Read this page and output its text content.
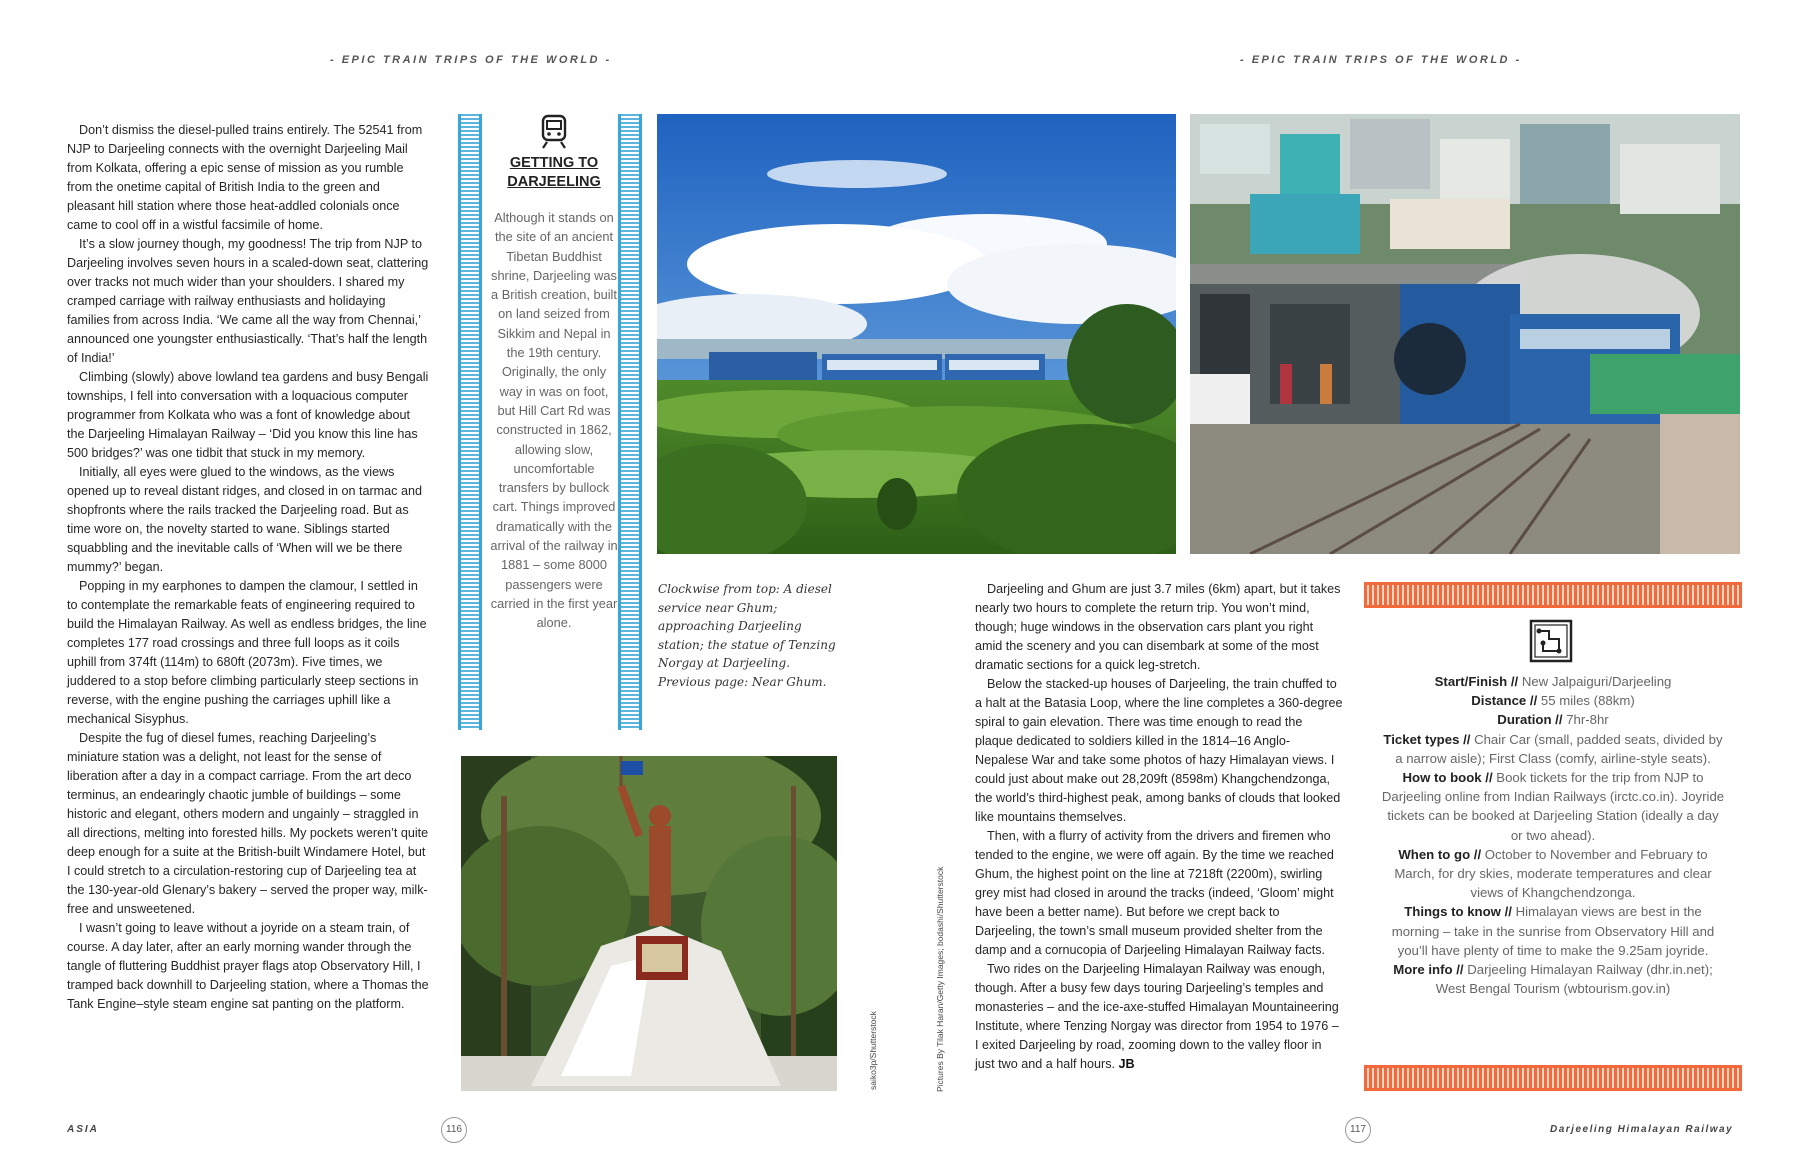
- EPIC TRAIN TRIPS OF THE WORLD -	- EPIC TRAIN TRIPS OF THE WORLD -

Don’t dismiss the diesel-pulled trains entirely. The 52541 from NJP to Darjeeling connects with the overnight Darjeeling Mail from Kolkata, offering a epic sense of mission as you rumble from the onetime capital of British India to the green and pleasant hill station where those heat-addled colonials once came to cool off in a wistful facsimile of home.

It’s a slow journey though, my goodness! The trip from NJP to Darjeeling involves seven hours in a scaled-down seat, clattering over tracks not much wider than your shoulders. I shared my cramped carriage with railway enthusiasts and holidaying families from across India. ‘We came all the way from Chennai,’ announced one youngster enthusiastically. ‘That’s half the length of India!’

Climbing (slowly) above lowland tea gardens and busy Bengali townships, I fell into conversation with a loquacious computer programmer from Kolkata who was a font of knowledge about the Darjeeling Himalayan Railway – ‘Did you know this line has 500 bridges?’ was one tidbit that stuck in my memory.

Initially, all eyes were glued to the windows, as the views opened up to reveal distant ridges, and closed in on tarmac and shopfronts where the rails tracked the Darjeeling road. But as time wore on, the novelty started to wane. Siblings started squabbling and the inevitable calls of ‘When will we be there mummy?’ began.

Popping in my earphones to dampen the clamour, I settled in to contemplate the remarkable feats of engineering required to build the Himalayan Railway. As well as endless bridges, the line completes 177 road crossings and three full loops as it coils uphill from 374ft (114m) to 680ft (2073m). Five times, we juddered to a stop before climbing particularly steep sections in reverse, with the engine pushing the carriages uphill like a mechanical Sisyphus.

Despite the fug of diesel fumes, reaching Darjeeling’s miniature station was a delight, not least for the sense of liberation after a day in a compact carriage. From the art deco terminus, an endearingly chaotic jumble of buildings – some historic and elegant, others modern and ungainly – straggled in all directions, melting into forested hills. My pockets weren’t quite deep enough for a suite at the British-built Windamere Hotel, but I could stretch to a circulation-restoring cup of Darjeeling tea at the 130-year-old Glenary’s bakery – served the proper way, milk-free and unsweetened.

I wasn’t going to leave without a joyride on a steam train, of course. A day later, after an early morning wander through the tangle of fluttering Buddhist prayer flags atop Observatory Hill, I tramped back downhill to Darjeeling station, where a Thomas the Tank Engine–style steam engine sat panting on the platform.

GETTING TO
DARJEELING
Although it stands on the site of an ancient Tibetan Buddhist shrine, Darjeeling was a British creation, built on land seized from Sikkim and Nepal in the 19th century. Originally, the only way in was on foot, but Hill Cart Rd was constructed in 1862, allowing slow, uncomfortable transfers by bullock cart. Things improved dramatically with the arrival of the railway in 1881 – some 8000 passengers were carried in the first year alone.
Clockwise from top: A diesel service near Ghum; approaching Darjeeling station; the statue of Tenzing Norgay at Darjeeling. Previous page: Near Ghum.
saiko3p/Shutterstock	Pictures By Tilak Haran/Getty Images; bodashi/Shutterstock

Darjeeling and Ghum are just 3.7 miles (6km) apart, but it takes nearly two hours to complete the return trip. You won’t mind, though; huge windows in the observation cars plant you right amid the scenery and you can disembark at some of the most dramatic sections for a quick leg-stretch.

Below the stacked-up houses of Darjeeling, the train chuffed to a halt at the Batasia Loop, where the line completes a 360-degree spiral to gain elevation. There was time enough to read the plaque dedicated to soldiers killed in the 1814–16 Anglo-Nepalese War and take some photos of hazy Himalayan views. I could just about make out 28,209ft (8598m) Khangchendzonga, the world’s third-highest peak, among banks of clouds that looked like mountains themselves.

Then, with a flurry of activity from the drivers and firemen who tended to the engine, we were off again. By the time we reached Ghum, the highest point on the line at 7218ft (2200m), swirling grey mist had closed in around the tracks (indeed, ‘Gloom’ might have been a better name). But before we crept back to Darjeeling, the town’s small museum provided shelter from the damp and a cornucopia of Darjeeling Himalayan Railway facts.

Two rides on the Darjeeling Himalayan Railway was enough, though. After a busy few days touring Darjeeling’s temples and monasteries – and the ice-axe-stuffed Himalayan Mountaineering Institute, where Tenzing Norgay was director from 1954 to 1976 – I exited Darjeeling by road, zooming down to the valley floor in just two and a half hours. JB

Start/Finish // New Jalpaiguri/Darjeeling
Distance // 55 miles (88km)
Duration // 7hr-8hr
Ticket types // Chair Car (small, padded seats, divided by a narrow aisle); First Class (comfy, airline-style seats).
How to book // Book tickets for the trip from NJP to Darjeeling online from Indian Railways (irctc.co.in). Joyride tickets can be booked at Darjeeling Station (ideally a day or two ahead).
When to go // October to November and February to March, for dry skies, moderate temperatures and clear views of Khangchendzonga.
Things to know // Himalayan views are best in the morning – take in the sunrise from Observatory Hill and you’ll have plenty of time to make the 9.25am joyride.
More info // Darjeeling Himalayan Railway (dhr.in.net); West Bengal Tourism (wbtourism.gov.in)
ASIA	116	117	Darjeeling Himalayan Railway
